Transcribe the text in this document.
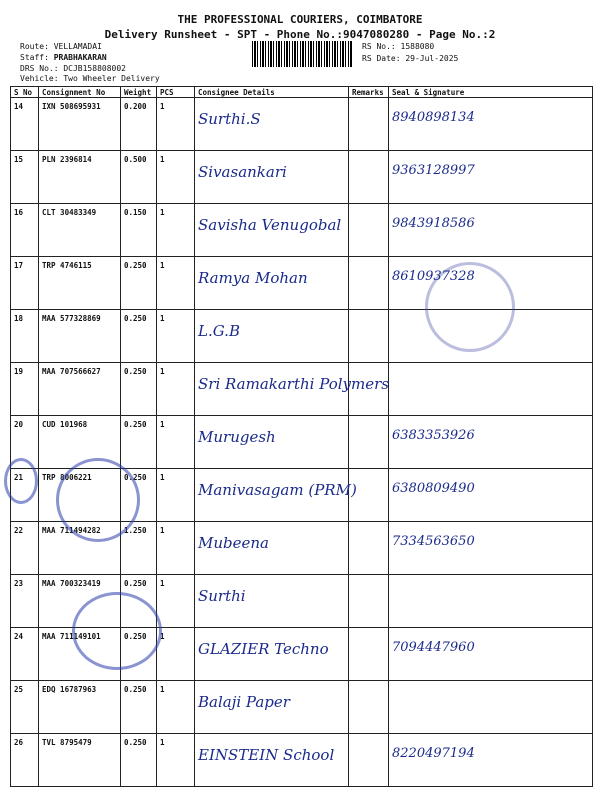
THE PROFESSIONAL COURIERS, COIMBATORE
Delivery Runsheet - SPT - Phone No.:9047080280 - Page No.:2
Route: VELLAMADAI
Staff: PRABHAKARAN
DRS No.: DCJB158808002
Vehicle: Two Wheeler Delivery
RS No.: 1588080
RS Date: 29-Jul-2025
S No	Consignment No	Weight	PCS	Consignee Details	Remarks	Seal & Signature
14	IXN 508695931	0.200	1	Surthi.S		8940898134
15	PLN 2396814	0.500	1	Sivasankari		9363128997
16	CLT 30483349	0.150	1	Savisha Venugobal		9843918586
17	TRP 4746115	0.250	1	Ramya Mohan		8610937328
18	MAA 577328869	0.250	1	L.G.B		
19	MAA 707566627	0.250	1	Sri Ramakarthi Polymers		
20	CUD 101968	0.250	1	Murugesh		6383353926
21	TRP 8006221	0.250	1	Manivasagam (PRM)		6380809490
22	MAA 711494282	1.250	1	Mubeena		7334563650
23	MAA 700323419	0.250	1	Surthi		
24	MAA 711149101	0.250	1	GLAZIER Techno		7094447960
25	EDQ 16787963	0.250	1	Balaji Paper		
26	TVL 8795479	0.250	1	EINSTEIN School		8220497194
